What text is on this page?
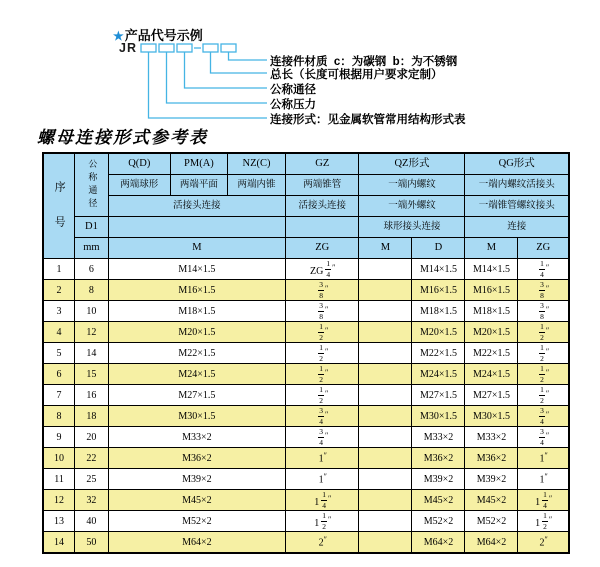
★产品代号示例
JR
连接件材质  c：为碳钢  b：为不锈钢
总长（长度可根据用户要求定制）
公称通径
公称压力
连接形式：见金属软管常用结构形式表
螺母连接形式参考表
序号	公称通径	Q(D)	PM(A)	NZ(C)	GZ	QZ形式		QG形式	
		两端球形	两端平面	两端内锥	两端锥管	一端内螺纹		一端内螺纹活接头	
		活接头连接			活接头连接	一端外螺纹		一端锥管螺纹接头	
	D1					球形接头连接		连接	
	mm	M			ZG	M	D	M	ZG
1	6	M14×1.5			ZG $\frac{1}{4} ''$		M14×1.5	M14×1.5	$\frac{1}{4} ''$
2	8	M16×1.5			$\frac{3}{8} ''$		M16×1.5	M16×1.5	$\frac{3}{8} ''$
3	10	M18×1.5			$\frac{3}{8} ''$		M18×1.5	M18×1.5	$\frac{3}{8} ''$
4	12	M20×1.5			$\frac{1}{2} ''$		M20×1.5	M20×1.5	$\frac{1}{2} ''$
5	14	M22×1.5			$\frac{1}{2} ''$		M22×1.5	M22×1.5	$\frac{1}{2} ''$
6	15	M24×1.5			$\frac{1}{2} ''$		M24×1.5	M24×1.5	$\frac{1}{2} ''$
7	16	M27×1.5			$\frac{1}{2} ''$		M27×1.5	M27×1.5	$\frac{1}{2} ''$
8	18	M30×1.5			$\frac{3}{4} ''$		M30×1.5	M30×1.5	$\frac{3}{4} ''$
9	20	M33×2			$\frac{3}{4} ''$		M33×2	M33×2	$\frac{3}{4} ''$
10	22	M36×2			1″		M36×2	M36×2	1″
11	25	M39×2			1″		M39×2	M39×2	1″
12	32	M45×2			$1 \frac{1}{4} ''$		M45×2	M45×2	$1 \frac{1}{4} ''$
13	40	M52×2			$1 \frac{1}{2} ''$		M52×2	M52×2	$1 \frac{1}{2} ''$
14	50	M64×2			2″		M64×2	M64×2	2″
